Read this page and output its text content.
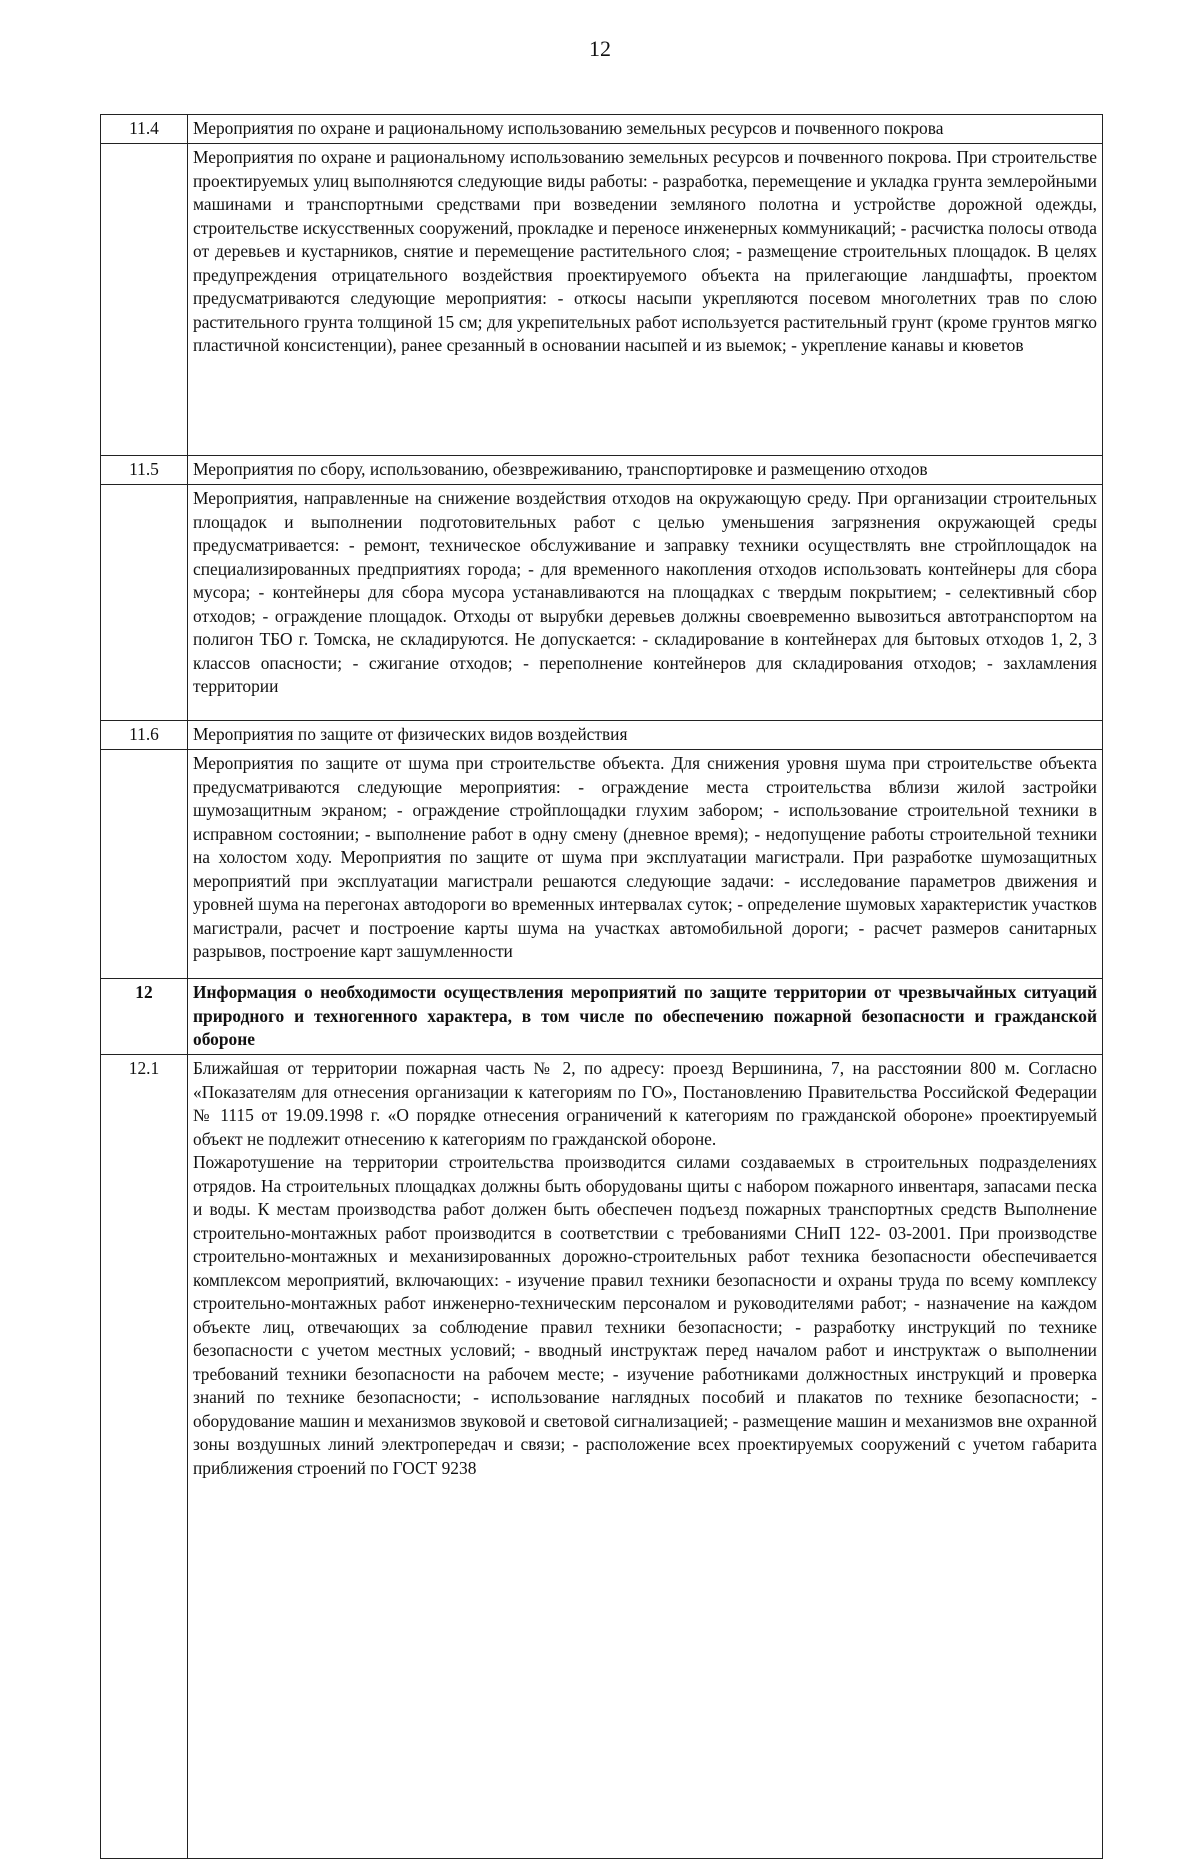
12
11.4	Мероприятия по охране и рациональному использованию земельных ресурсов и почвенного покрова
	Мероприятия по охране и рациональному использованию земельных ресурсов и почвенного покрова. При строительстве проектируемых улиц выполняются следующие виды работы: - разработка, перемещение и укладка грунта землеройными машинами и транспортными средствами при возведении земляного полотна и устройстве дорожной одежды, строительстве искусственных сооружений, прокладке и переносе инженерных коммуникаций; - расчистка полосы отвода от деревьев и кустарников, снятие и перемещение растительного слоя; - размещение строительных площадок. В целях предупреждения отрицательного воздействия проектируемого объекта на прилегающие ландшафты, проектом предусматриваются следующие мероприятия: - откосы насыпи укрепляются посевом многолетних трав по слою растительного грунта толщиной 15 см; для укрепительных работ используется растительный грунт (кроме грунтов мягко пластичной консистенции), ранее срезанный в основании насыпей и из выемок; - укрепление канавы и кюветов
11.5	Мероприятия по сбору, использованию, обезвреживанию, транспортировке и размещению отходов
	Мероприятия, направленные на снижение воздействия отходов на окружающую среду. При организации строительных площадок и выполнении подготовительных работ с целью уменьшения загрязнения окружающей среды предусматривается: - ремонт, техническое обслуживание и заправку техники осуществлять вне стройплощадок на специализированных предприятиях города; - для временного накопления отходов использовать контейнеры для сбора мусора; - контейнеры для сбора мусора устанавливаются на площадках с твердым покрытием; - селективный сбор отходов; - ограждение площадок. Отходы от вырубки деревьев должны своевременно вывозиться автотранспортом на полигон ТБО г. Томска, не складируются. Не допускается: - складирование в контейнерах для бытовых отходов 1, 2, 3 классов опасности; - сжигание отходов; - переполнение контейнеров для складирования отходов; - захламления территории
11.6	Мероприятия по защите от физических видов воздействия
	Мероприятия по защите от шума при строительстве объекта. Для снижения уровня шума при строительстве объекта предусматриваются следующие мероприятия: - ограждение места строительства вблизи жилой застройки шумозащитным экраном; - ограждение стройплощадки глухим забором; - использование строительной техники в исправном состоянии; - выполнение работ в одну смену (дневное время); - недопущение работы строительной техники на холостом ходу. Мероприятия по защите от шума при эксплуатации магистрали. При разработке шумозащитных мероприятий при эксплуатации магистрали решаются следующие задачи: - исследование параметров движения и уровней шума на перегонах автодороги во временных интервалах суток; - определение шумовых характеристик участков магистрали, расчет и построение карты шума на участках автомобильной дороги; - расчет размеров санитарных разрывов, построение карт зашумленности
12	Информация о необходимости осуществления мероприятий по защите территории от чрезвычайных ситуаций природного и техногенного характера, в том числе по обеспечению пожарной безопасности и гражданской обороне
12.1	Ближайшая от территории пожарная часть № 2, по адресу: проезд Вершинина, 7, на расстоянии 800 м. Согласно «Показателям для отнесения организации к категориям по ГО», Постановлению Правительства Российской Федерации № 1115 от 19.09.1998 г. «О порядке отнесения ограничений к категориям по гражданской обороне» проектируемый объект не подлежит отнесению к категориям по гражданской обороне.

Пожаротушение на территории строительства производится силами создаваемых в строительных подразделениях отрядов. На строительных площадках должны быть оборудованы щиты с набором пожарного инвентаря, запасами песка и воды. К местам производства работ должен быть обеспечен подъезд пожарных транспортных средств Выполнение строительно-монтажных работ производится в соответствии с требованиями СНиП 122- 03-2001. При производстве строительно-монтажных и механизированных дорожно-строительных работ техника безопасности обеспечивается комплексом мероприятий, включающих: - изучение правил техники безопасности и охраны труда по всему комплексу строительно-монтажных работ инженерно-техническим персоналом и руководителями работ; - назначение на каждом объекте лиц, отвечающих за соблюдение правил техники безопасности; - разработку инструкций по технике безопасности с учетом местных условий; - вводный инструктаж перед началом работ и инструктаж о выполнении требований техники безопасности на рабочем месте; - изучение работниками должностных инструкций и проверка знаний по технике безопасности; - использование наглядных пособий и плакатов по технике безопасности; - оборудование машин и механизмов звуковой и световой сигнализацией; - размещение машин и механизмов вне охранной зоны воздушных линий электропередач и связи; - расположение всех проектируемых сооружений с учетом габарита приближения строений по ГОСТ 9238
